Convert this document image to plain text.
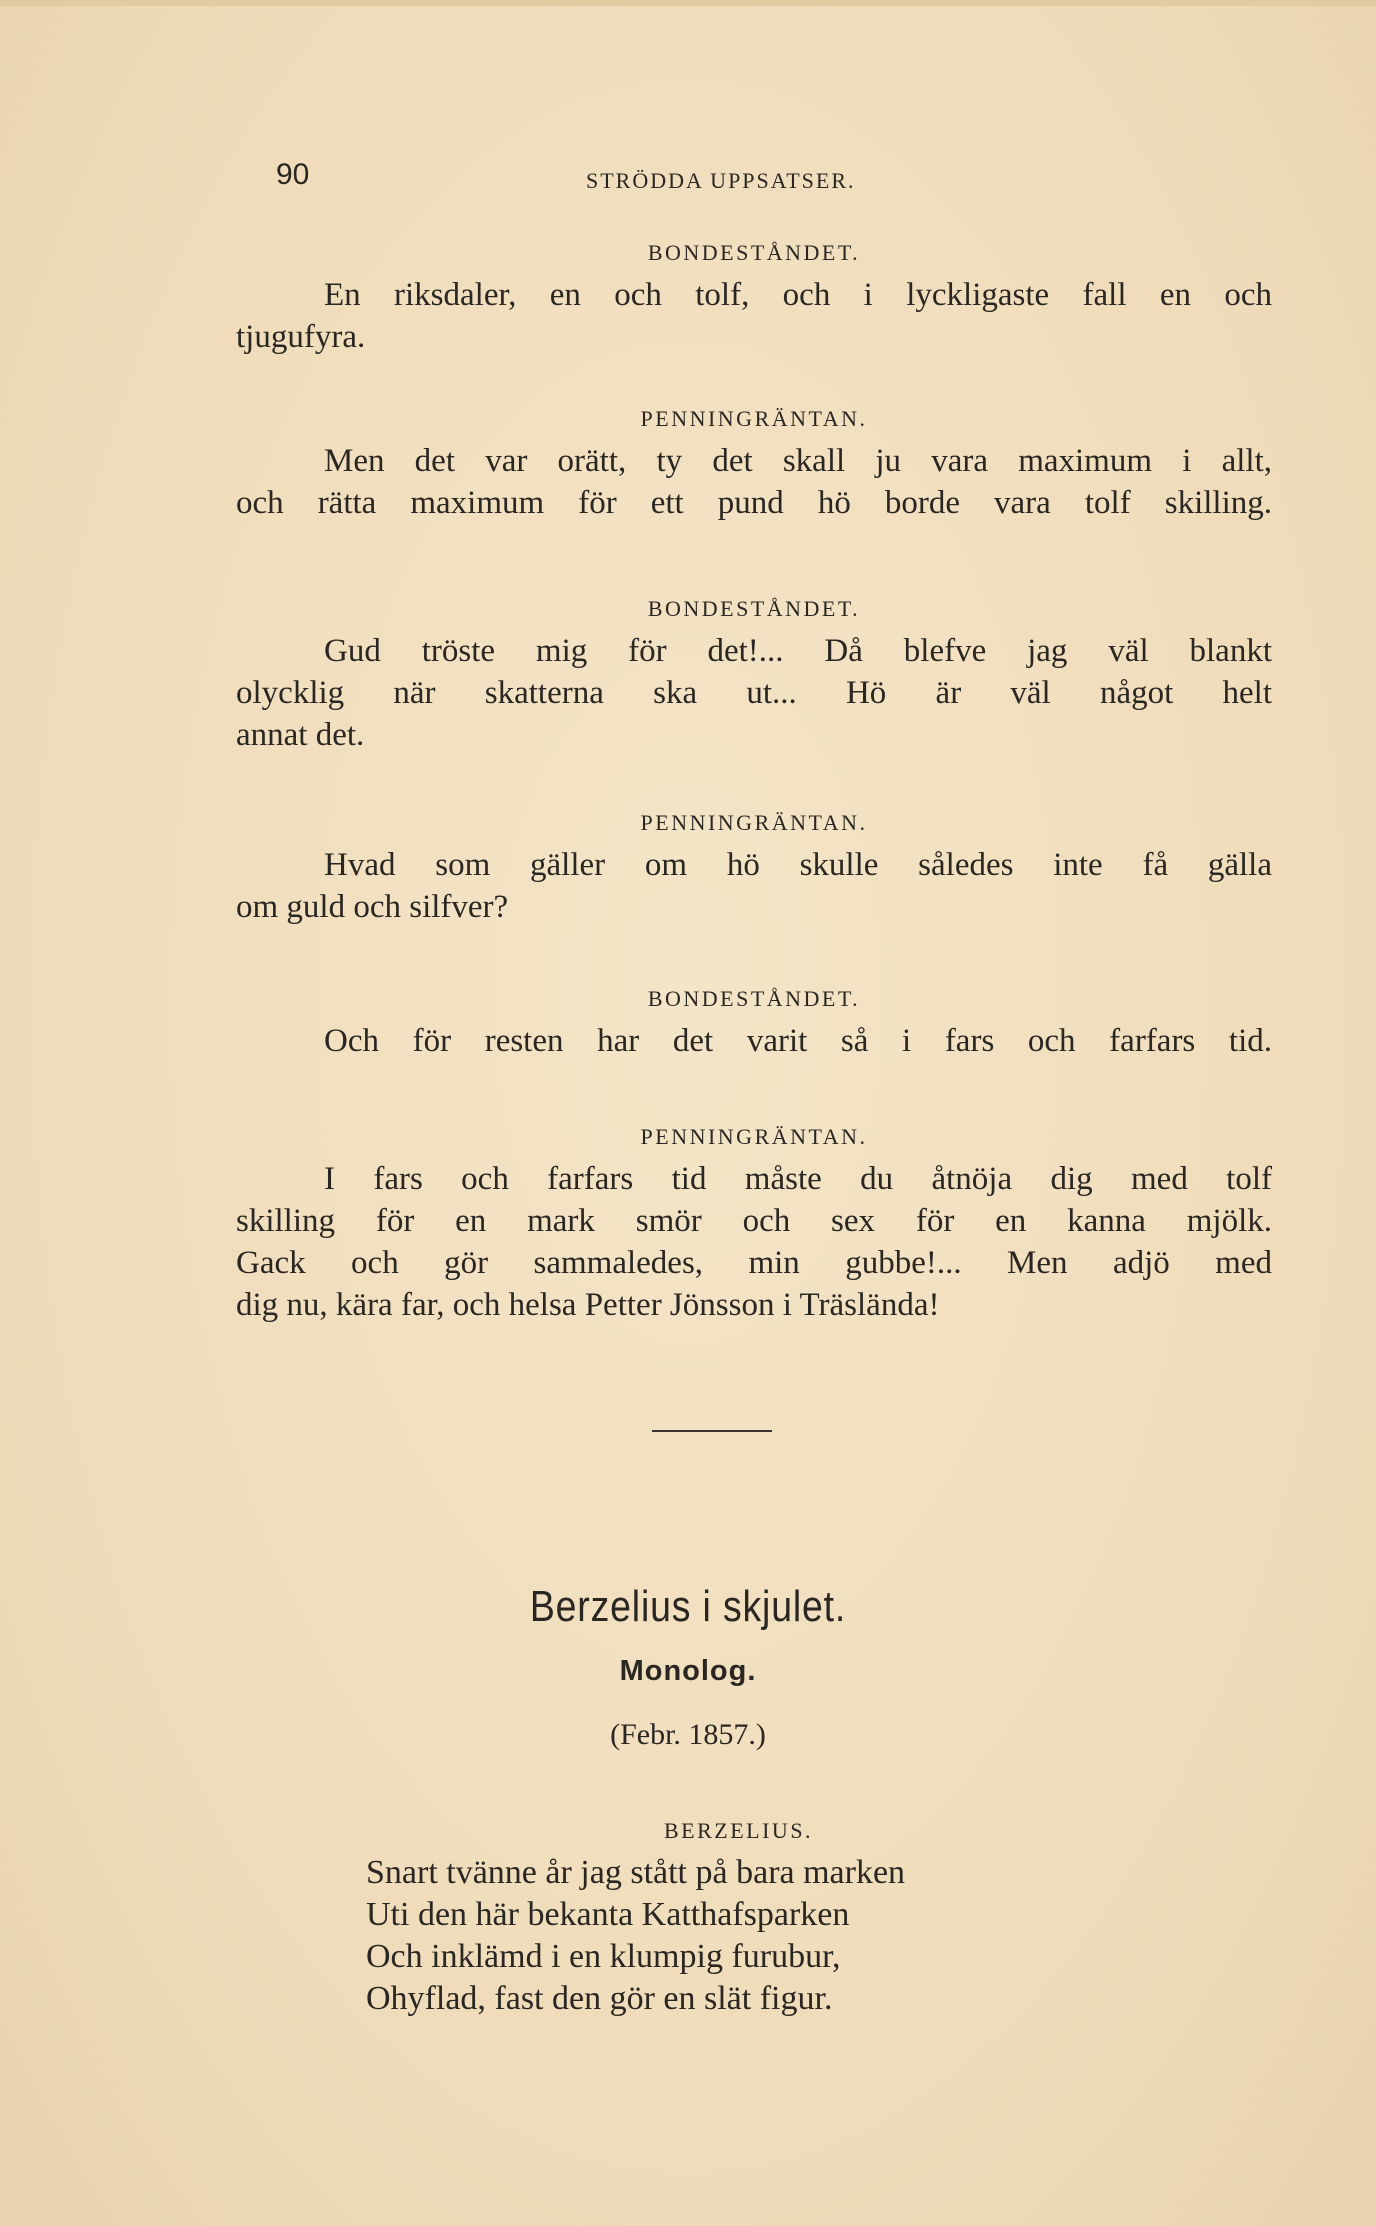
90	STRÖDDA UPPSATSER.
BONDESTÅNDET.
En riksdaler, en och tolf, och i lyckligaste fall en och
tjugufyra.
PENNINGRÄNTAN.
Men det var orätt, ty det skall ju vara maximum i allt,
och rätta maximum för ett pund hö borde vara tolf skilling.
BONDESTÅNDET.
Gud tröste mig för det!... Då blefve jag väl blankt
olycklig när skatterna ska ut... Hö är väl något helt
annat det.
PENNINGRÄNTAN.
Hvad som gäller om hö skulle således inte få gälla
om guld och silfver?
BONDESTÅNDET.
Och för resten har det varit så i fars och farfars tid.
PENNINGRÄNTAN.
I fars och farfars tid måste du åtnöja dig med tolf
skilling för en mark smör och sex för en kanna mjölk.
Gack och gör sammaledes, min gubbe!... Men adjö med
dig nu, kära far, och helsa Petter Jönsson i Träslända!
Berzelius i skjulet.
Monolog.
(Febr. 1857.)
BERZELIUS.
Snart tvänne år jag stått på bara marken
Uti den här bekanta Katthafsparken
Och inklämd i en klumpig furubur,
Ohyflad, fast den gör en slät figur.
